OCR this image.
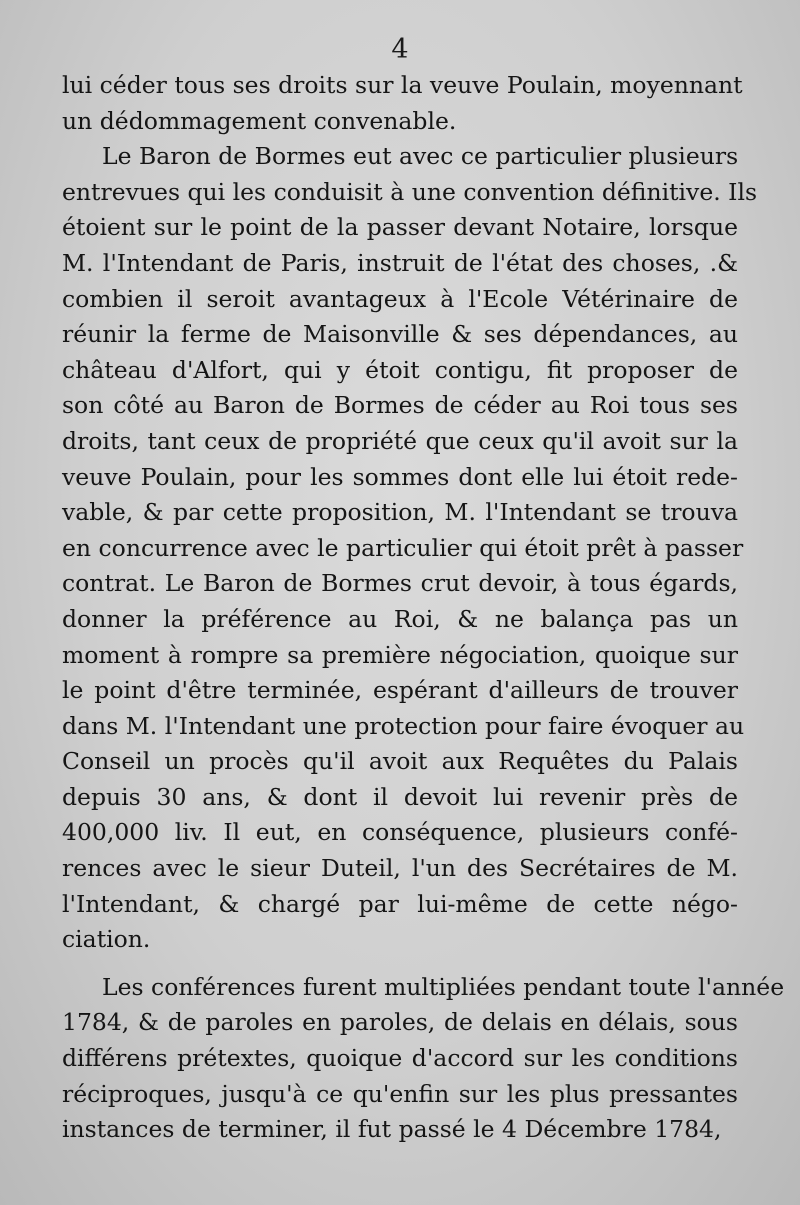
4
lui céder tous ses droits sur la veuve Poulain, moyennant
un dédommagement convenable.
Le Baron de Bormes eut avec ce particulier plusieurs
entrevues qui les conduisit à une convention définitive. Ils
étoient sur le point de la passer devant Notaire, lorsque
M. l'Intendant de Paris, instruit de l'état des choses, .&
combien il seroit avantageux à l'Ecole Vétérinaire de
réunir la ferme de Maisonville & ses dépendances, au
château d'Alfort, qui y étoit contigu, fit proposer de
son côté au Baron de Bormes de céder au Roi tous ses
droits, tant ceux de propriété que ceux qu'il avoit sur la
veuve Poulain, pour les sommes dont elle lui étoit rede-
vable, & par cette proposition, M. l'Intendant se trouva
en concurrence avec le particulier qui étoit prêt à passer
contrat. Le Baron de Bormes crut devoir, à tous égards,
donner la préférence au Roi, & ne balança pas un
moment à rompre sa première négociation, quoique sur
le point d'être terminée, espérant d'ailleurs de trouver
dans M. l'Intendant une protection pour faire évoquer au
Conseil un procès qu'il avoit aux Requêtes du Palais
depuis 30 ans, & dont il devoit lui revenir près de
400,000 liv. Il eut, en conséquence, plusieurs confé-
rences avec le sieur Duteil, l'un des Secrétaires de M.
l'Intendant, & chargé par lui-même de cette négo-
ciation.
Les conférences furent multipliées pendant toute l'année
1784, & de paroles en paroles, de delais en délais, sous
différens prétextes, quoique d'accord sur les conditions
réciproques, jusqu'à ce qu'enfin sur les plus pressantes
instances de terminer, il fut passé le 4 Décembre 1784,
